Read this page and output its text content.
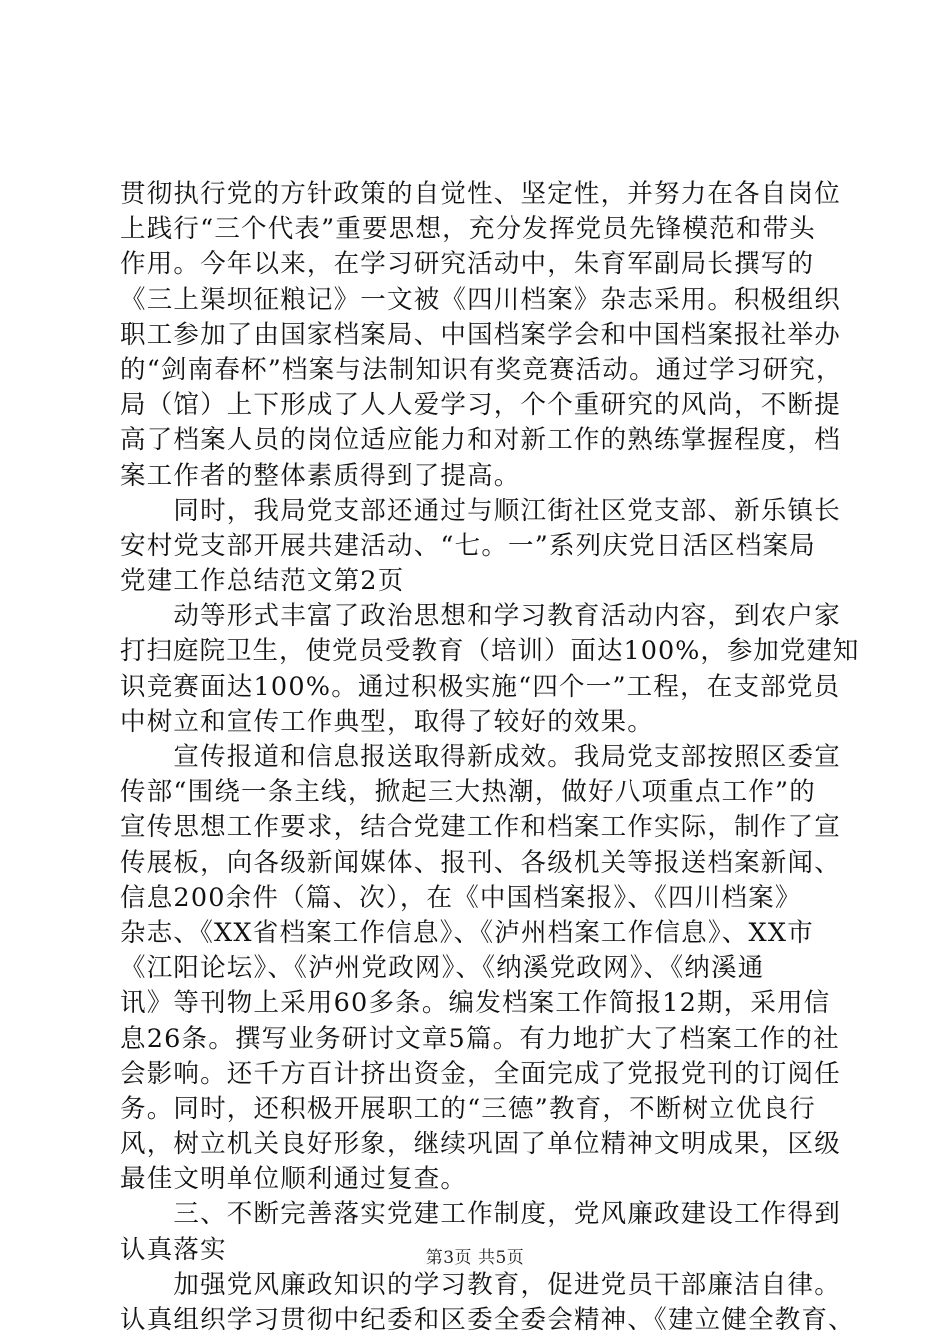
贯彻执行党的方针政策的自觉性、坚定性，并努力在各自岗位
上践行“三个代表”重要思想，充分发挥党员先锋模范和带头
作用。今年以来，在学习研究活动中，朱育军副局长撰写的
《三上渠坝征粮记》一文被《四川档案》杂志采用。积极组织
职工参加了由国家档案局、中国档案学会和中国档案报社举办
的“剑南春杯”档案与法制知识有奖竞赛活动。通过学习研究，
局（馆）上下形成了人人爱学习，个个重研究的风尚，不断提
高了档案人员的岗位适应能力和对新工作的熟练掌握程度，档
案工作者的整体素质得到了提高。
　　同时，我局党支部还通过与顺江街社区党支部、新乐镇长
安村党支部开展共建活动、“七。一”系列庆党日活区档案局
党建工作总结范文第2页
　　动等形式丰富了政治思想和学习教育活动内容，到农户家
打扫庭院卫生，使党员受教育（培训）面达100%，参加党建知
识竞赛面达100%。通过积极实施“四个一”工程，在支部党员
中树立和宣传工作典型，取得了较好的效果。
　　宣传报道和信息报送取得新成效。我局党支部按照区委宣
传部“围绕一条主线，掀起三大热潮，做好八项重点工作”的
宣传思想工作要求，结合党建工作和档案工作实际，制作了宣
传展板，向各级新闻媒体、报刊、各级机关等报送档案新闻、
信息200余件（篇、次），在《中国档案报》、《四川档案》
杂志、《XX省档案工作信息》、《泸州档案工作信息》、XX市
《江阳论坛》、《泸州党政网》、《纳溪党政网》、《纳溪通
讯》等刊物上采用60多条。编发档案工作简报12期，采用信
息26条。撰写业务研讨文章5篇。有力地扩大了档案工作的社
会影响。还千方百计挤出资金，全面完成了党报党刊的订阅任
务。同时，还积极开展职工的“三德”教育，不断树立优良行
风，树立机关良好形象，继续巩固了单位精神文明成果，区级
最佳文明单位顺利通过复查。
　　三、不断完善落实党建工作制度，党风廉政建设工作得到
认真落实
　　加强党风廉政知识的学习教育，促进党员干部廉洁自律。
认真组织学习贯彻中纪委和区委全委会精神、《建立健全教育、
第3页 共5页
